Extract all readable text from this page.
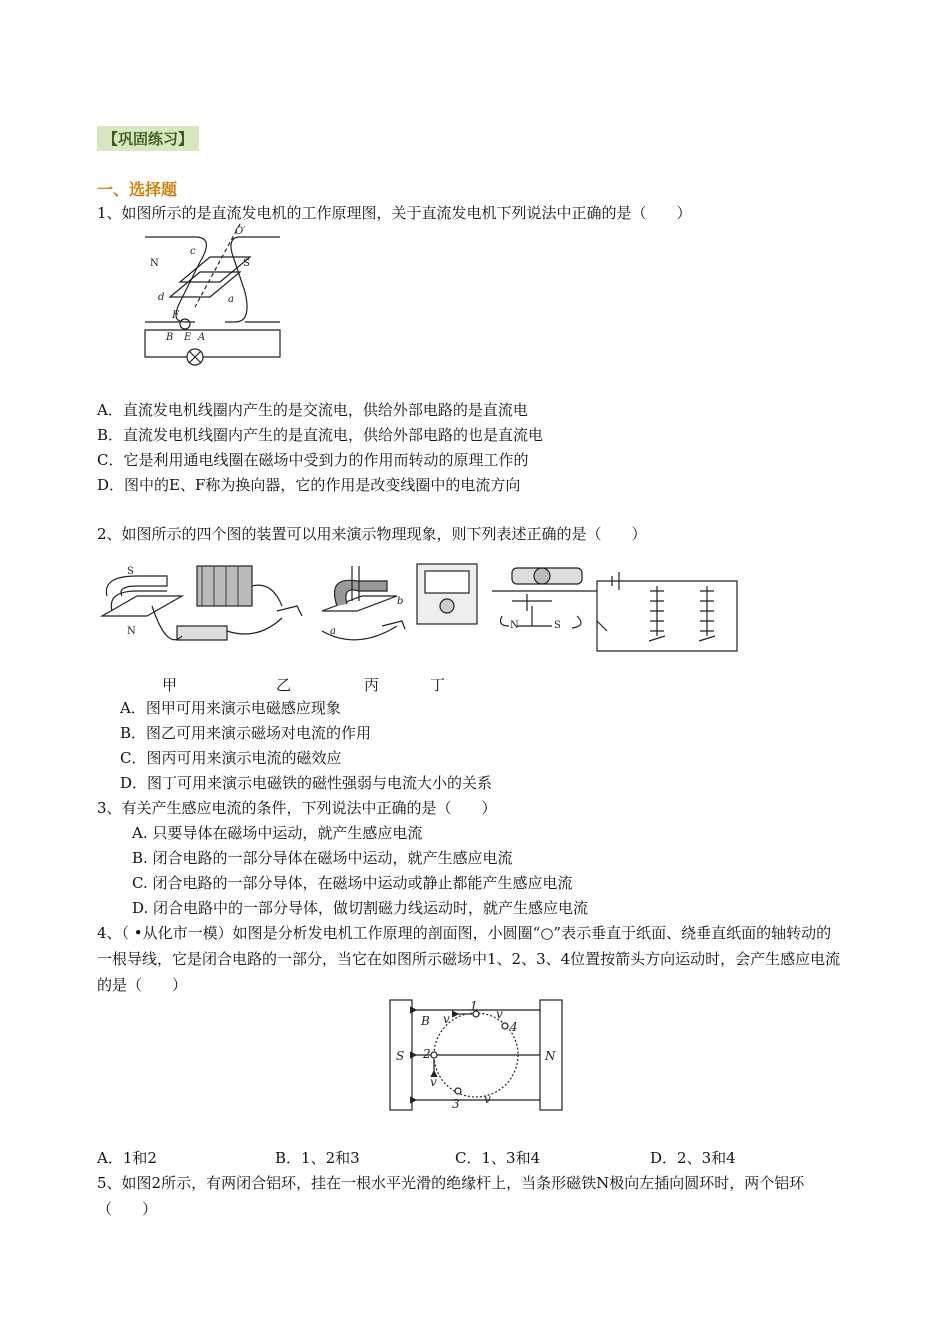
【巩固练习】
一、选择题
1、如图所示的是直流发电机的工作原理图，关于直流发电机下列说法中正确的是（　　）
N	S
O′
c
d	a
F
B E A
A．直流发电机线圈内产生的是交流电，供给外部电路的是直流电
B．直流发电机线圈内产生的是直流电，供给外部电路的也是直流电
C．它是利用通电线圈在磁场中受到力的作用而转动的原理工作的
D．图中的E、F称为换向器，它的作用是改变线圈中的电流方向
2、如图所示的四个图的装置可以用来演示物理现象，则下列表述正确的是（　　）
S
N	a
b
N	S
甲	乙	丙	丁
A．图甲可用来演示电磁感应现象
B．图乙可用来演示磁场对电流的作用
C．图丙可用来演示电流的磁效应
D．图丁可用来演示电磁铁的磁性强弱与电流大小的关系
3、有关产生感应电流的条件，下列说法中正确的是（　　）
A. 只要导体在磁场中运动，就产生感应电流
B. 闭合电路的一部分导体在磁场中运动，就产生感应电流
C. 闭合电路的一部分导体，在磁场中运动或静止都能产生感应电流
D. 闭合电路中的一部分导体，做切割磁力线运动时，就产生感应电流
4、（ •从化市一模）如图是分析发电机工作原理的剖面图，小圆圈“○”表示垂直于纸面、绕垂直纸面的轴转动的一根导线，它是闭合电路的一部分，当它在如图所示磁场中1、2、3、4位置按箭头方向运动时，会产生感应电流的是（　　）
S	N
B
1
2
3
4
v	v
v
v
A．1和2	B．1、2和3	C．1、3和4	D．2、3和4
5、如图2所示，有两闭合铝环，挂在一根水平光滑的绝缘杆上，当条形磁铁N极向左插向圆环时，两个铝环（　　）
